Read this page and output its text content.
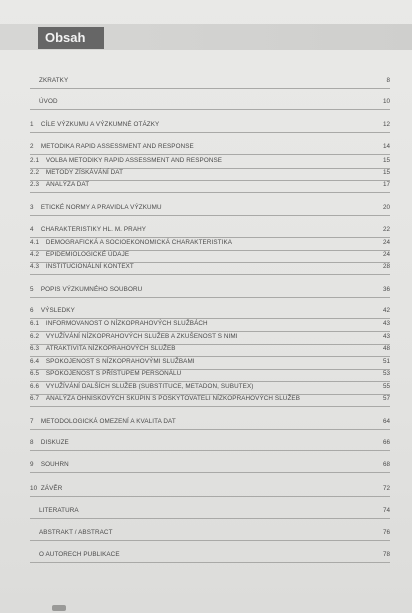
Obsah
ZKRATKY	8
ÚVOD	10
1 CÍLE VÝZKUMU A VÝZKUMNÉ OTÁZKY	12
2 METODIKA RAPID ASSESSMENT AND RESPONSE	14
2.1 VOLBA METODIKY RAPID ASSESSMENT AND RESPONSE	15
2.2 METODY ZÍSKÁVÁNÍ DAT	15
2.3 ANALÝZA DAT	17
3 ETICKÉ NORMY A PRAVIDLA VÝZKUMU	20
4 CHARAKTERISTIKY HL. M. PRAHY	22
4.1 DEMOGRAFICKÁ A SOCIOEKONOMICKÁ CHARAKTERISTIKA	24
4.2 EPIDEMIOLOGICKÉ ÚDAJE	24
4.3 INSTITUCIONÁLNÍ KONTEXT	28
5 POPIS VÝZKUMNÉHO SOUBORU	36
6 VÝSLEDKY	42
6.1 INFORMOVANOST O NÍZKOPRAHOVÝCH SLUŽBÁCH	43
6.2 VYUŽÍVÁNÍ NÍZKOPRAHOVÝCH SLUŽEB A ZKUŠENOST S NIMI	43
6.3 ATRAKTIVITA NÍZKOPRAHOVÝCH SLUŽEB	48
6.4 SPOKOJENOST S NÍZKOPRAHOVÝMI SLUŽBAMI	51
6.5 SPOKOJENOST S PŘÍSTUPEM PERSONÁLU	53
6.6 VYUŽÍVÁNÍ DALŠÍCH SLUŽEB (SUBSTITUCE, METADON, SUBUTEX)	55
6.7 ANALÝZA OHNISKOVÝCH SKUPIN S POSKYTOVATELI NÍZKOPRAHOVÝCH SLUŽEB	57
7 METODOLOGICKÁ OMEZENÍ A KVALITA DAT	64
8 DISKUZE	66
9 SOUHRN	68
10 ZÁVĚR	72
LITERATURA	74
ABSTRAKT / ABSTRACT	76
O AUTORECH PUBLIKACE	78
